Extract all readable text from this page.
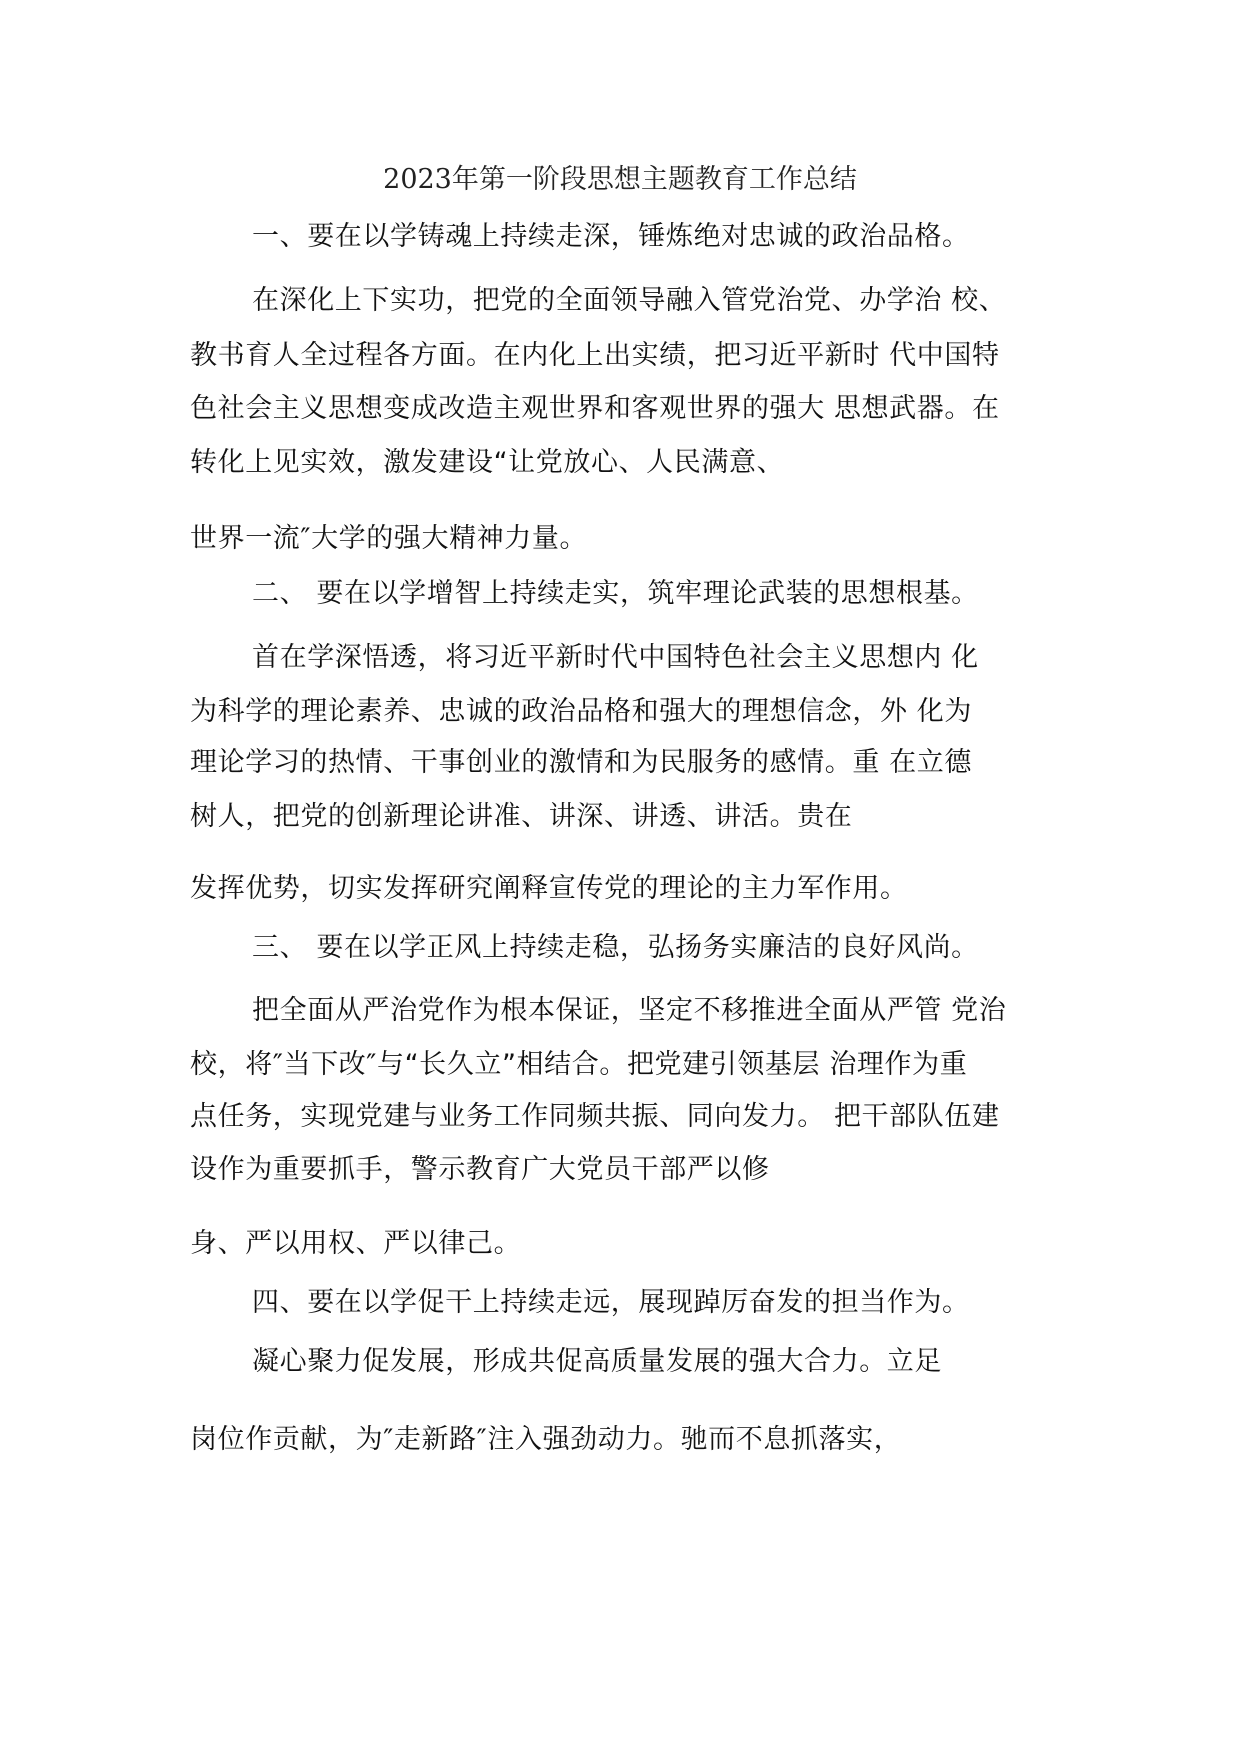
2023年第一阶段思想主题教育工作总结
一、要在以学铸魂上持续走深，锤炼绝对忠诚的政治品格。
在深化上下实功，把党的全面领导融入管党治党、办学治 校、
教书育人全过程各方面。在内化上出实绩，把习近平新时 代中国特
色社会主义思想变成改造主观世界和客观世界的强大 思想武器。在
转化上见实效，激发建设“让党放心、人民满意、
世界一流″大学的强大精神力量。
二、 要在以学增智上持续走实，筑牢理论武装的思想根基。
首在学深悟透，将习近平新时代中国特色社会主义思想内 化
为科学的理论素养、忠诚的政治品格和强大的理想信念，外 化为
理论学习的热情、干事创业的激情和为民服务的感情。重 在立德
树人，把党的创新理论讲准、讲深、讲透、讲活。贵在
发挥优势，切实发挥研究阐释宣传党的理论的主力军作用。
三、 要在以学正风上持续走稳，弘扬务实廉洁的良好风尚。
把全面从严治党作为根本保证，坚定不移推进全面从严管 党治
校，将″当下改″与“长久立”相结合。把党建引领基层 治理作为重
点任务，实现党建与业务工作同频共振、同向发力。 把干部队伍建
设作为重要抓手，警示教育广大党员干部严以修
身、严以用权、严以律己。
四、要在以学促干上持续走远，展现踔厉奋发的担当作为。
凝心聚力促发展，形成共促高质量发展的强大合力。立足
岗位作贡献，为″走新路″注入强劲动力。驰而不息抓落实，
